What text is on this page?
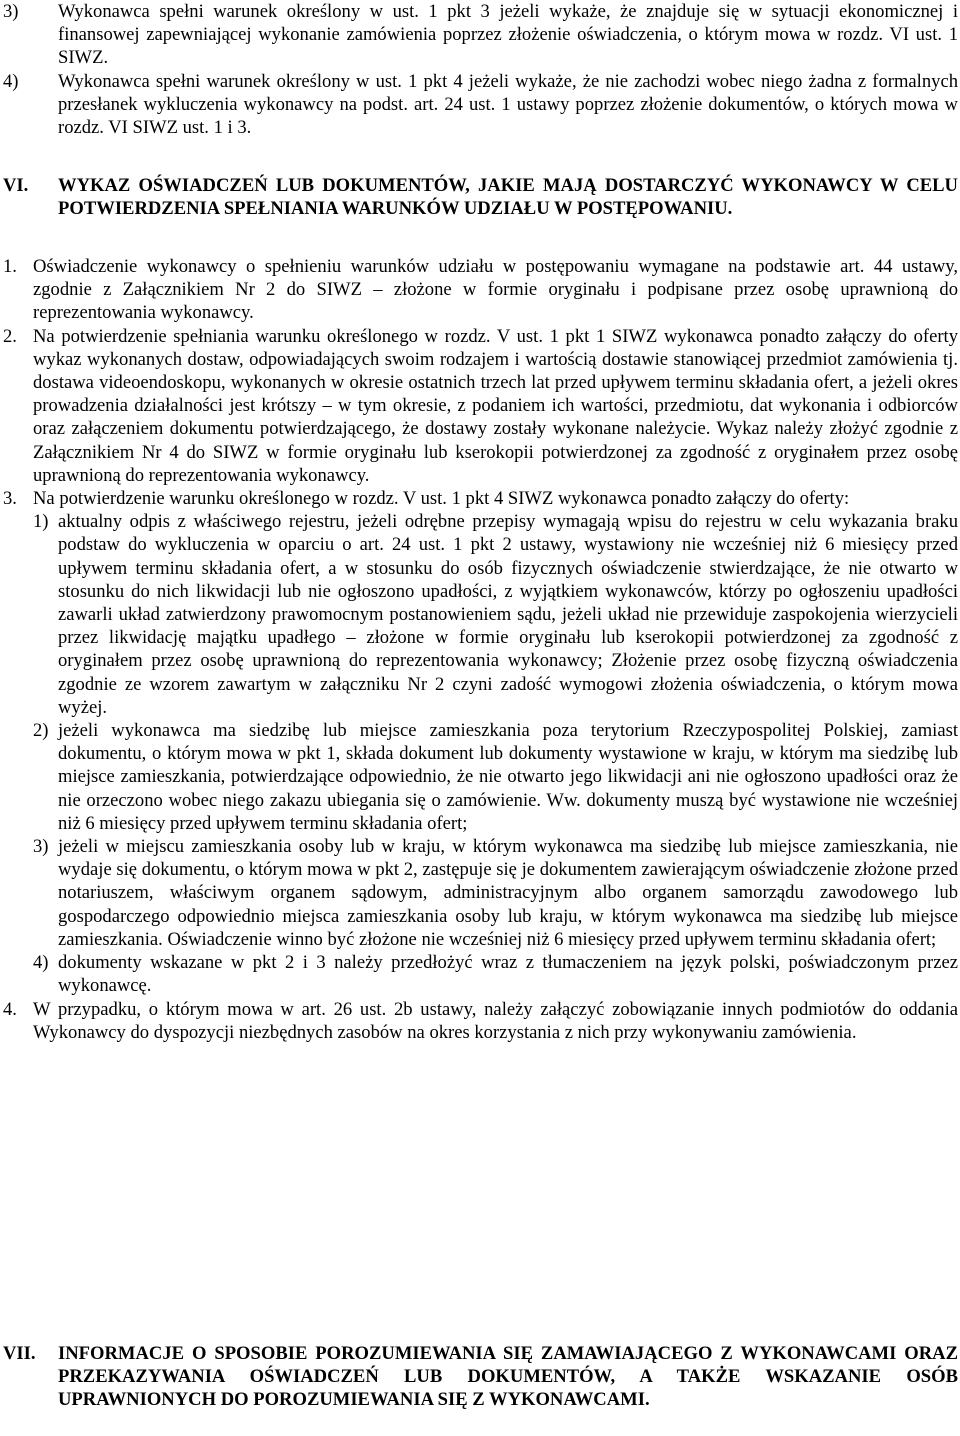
3) Wykonawca spełni warunek określony w ust. 1 pkt 3 jeżeli wykaże, że znajduje się w sytuacji ekonomicznej i finansowej zapewniającej wykonanie zamówienia poprzez złożenie oświadczenia, o którym mowa w rozdz. VI ust. 1 SIWZ.
4) Wykonawca spełni warunek określony w ust. 1 pkt 4 jeżeli wykaże, że nie zachodzi wobec niego żadna z formalnych przesłanek wykluczenia wykonawcy na podst. art. 24 ust. 1 ustawy poprzez złożenie dokumentów, o których mowa w rozdz. VI SIWZ ust. 1 i 3.
VI. WYKAZ OŚWIADCZEŃ LUB DOKUMENTÓW, JAKIE MAJĄ DOSTARCZYĆ WYKONAWCY W CELU POTWIERDZENIA SPEŁNIANIA WARUNKÓW UDZIAŁU W POSTĘPOWANIU.
1. Oświadczenie wykonawcy o spełnieniu warunków udziału w postępowaniu wymagane na podstawie art. 44 ustawy, zgodnie z Załącznikiem Nr 2 do SIWZ – złożone w formie oryginału i podpisane przez osobę uprawnioną do reprezentowania wykonawcy.
2. Na potwierdzenie spełniania warunku określonego w rozdz. V ust. 1 pkt 1 SIWZ wykonawca ponadto załączy do oferty wykaz wykonanych dostaw, odpowiadających swoim rodzajem i wartością dostawie stanowiącej przedmiot zamówienia tj. dostawa videoendoskopu, wykonanych w okresie ostatnich trzech lat przed upływem terminu składania ofert, a jeżeli okres prowadzenia działalności jest krótszy – w tym okresie, z podaniem ich wartości, przedmiotu, dat wykonania i odbiorców oraz załączeniem dokumentu potwierdzającego, że dostawy zostały wykonane należycie. Wykaz należy złożyć zgodnie z Załącznikiem Nr 4 do SIWZ w formie oryginału lub kserokopii potwierdzonej za zgodność z oryginałem przez osobę uprawnioną do reprezentowania wykonawcy.
3. Na potwierdzenie warunku określonego w rozdz. V ust. 1 pkt 4 SIWZ wykonawca ponadto załączy do oferty:
1) aktualny odpis z właściwego rejestru, jeżeli odrębne przepisy wymagają wpisu do rejestru w celu wykazania braku podstaw do wykluczenia w oparciu o art. 24 ust. 1 pkt 2 ustawy, wystawiony nie wcześniej niż 6 miesięcy przed upływem terminu składania ofert, a w stosunku do osób fizycznych oświadczenie stwierdzające, że nie otwarto w stosunku do nich likwidacji lub nie ogłoszono upadłości, z wyjątkiem wykonawców, którzy po ogłoszeniu upadłości zawarli układ zatwierdzony prawomocnym postanowieniem sądu, jeżeli układ nie przewiduje zaspokojenia wierzycieli przez likwidację majątku upadłego – złożone w formie oryginału lub kserokopii potwierdzonej za zgodność z oryginałem przez osobę uprawnioną do reprezentowania wykonawcy; Złożenie przez osobę fizyczną oświadczenia zgodnie ze wzorem zawartym w załączniku Nr 2 czyni zadość wymogowi złożenia oświadczenia, o którym mowa wyżej.
2) jeżeli wykonawca ma siedzibę lub miejsce zamieszkania poza terytorium Rzeczypospolitej Polskiej, zamiast dokumentu, o którym mowa w pkt 1, składa dokument lub dokumenty wystawione w kraju, w którym ma siedzibę lub miejsce zamieszkania, potwierdzające odpowiednio, że nie otwarto jego likwidacji ani nie ogłoszono upadłości oraz że nie orzeczono wobec niego zakazu ubiegania się o zamówienie. Ww. dokumenty muszą być wystawione nie wcześniej niż 6 miesięcy przed upływem terminu składania ofert;
3) jeżeli w miejscu zamieszkania osoby lub w kraju, w którym wykonawca ma siedzibę lub miejsce zamieszkania, nie wydaje się dokumentu, o którym mowa w pkt 2, zastępuje się je dokumentem zawierającym oświadczenie złożone przed notariuszem, właściwym organem sądowym, administracyjnym albo organem samorządu zawodowego lub gospodarczego odpowiednio miejsca zamieszkania osoby lub kraju, w którym wykonawca ma siedzibę lub miejsce zamieszkania. Oświadczenie winno być złożone nie wcześniej niż 6 miesięcy przed upływem terminu składania ofert;
4) dokumenty wskazane w pkt 2 i 3 należy przedłożyć wraz z tłumaczeniem na język polski, poświadczonym przez wykonawcę.
4. W przypadku, o którym mowa w art. 26 ust. 2b ustawy, należy załączyć zobowiązanie innych podmiotów do oddania Wykonawcy do dyspozycji niezbędnych zasobów na okres korzystania z nich przy wykonywaniu zamówienia.
VII. INFORMACJE O SPOSOBIE POROZUMIEWANIA SIĘ ZAMAWIAJĄCEGO Z WYKONAWCAMI ORAZ PRZEKAZYWANIA OŚWIADCZEŃ LUB DOKUMENTÓW, A TAKŻE WSKAZANIE OSÓB UPRAWNIONYCH DO POROZUMIEWANIA SIĘ Z WYKONAWCAMI.
